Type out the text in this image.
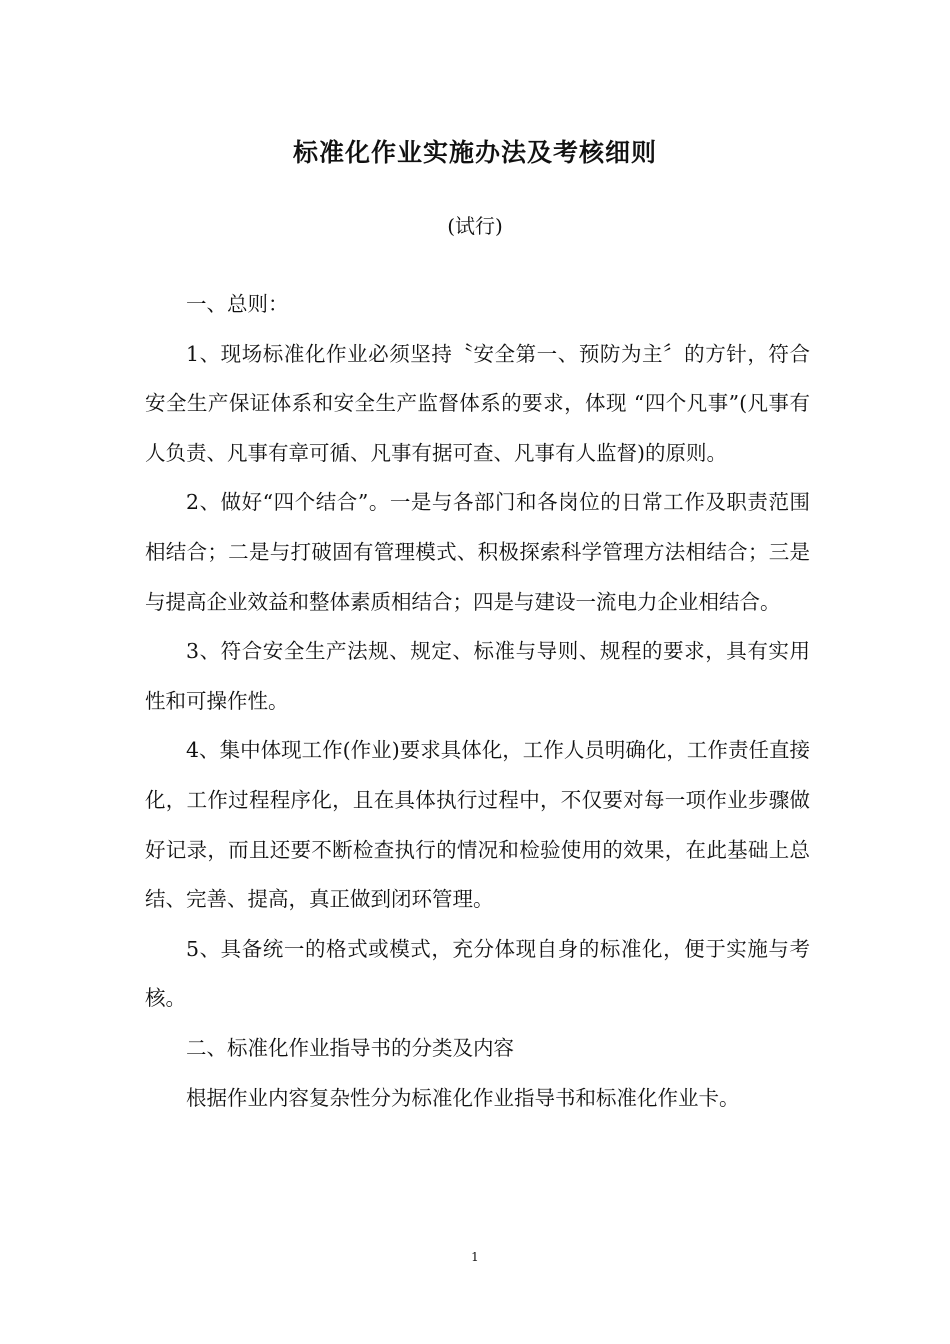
标准化作业实施办法及考核细则
(试行)

一、总则：

1、现场标准化作业必须坚持〝安全第一、预防为主〞的方针，符合安全生产保证体系和安全生产监督体系的要求，体现 “四个凡事”(凡事有人负责、凡事有章可循、凡事有据可查、凡事有人监督)的原则。

2、做好“四个结合”。一是与各部门和各岗位的日常工作及职责范围相结合；二是与打破固有管理模式、积极探索科学管理方法相结合；三是与提高企业效益和整体素质相结合；四是与建设一流电力企业相结合。

3、符合安全生产法规、规定、标准与导则、规程的要求，具有实用性和可操作性。

4、集中体现工作(作业)要求具体化，工作人员明确化，工作责任直接化，工作过程程序化，且在具体执行过程中，不仅要对每一项作业步骤做好记录，而且还要不断检查执行的情况和检验使用的效果，在此基础上总结、完善、提高，真正做到闭环管理。

5、具备统一的格式或模式，充分体现自身的标准化，便于实施与考核。

二、标准化作业指导书的分类及内容

根据作业内容复杂性分为标准化作业指导书和标准化作业卡。

1
